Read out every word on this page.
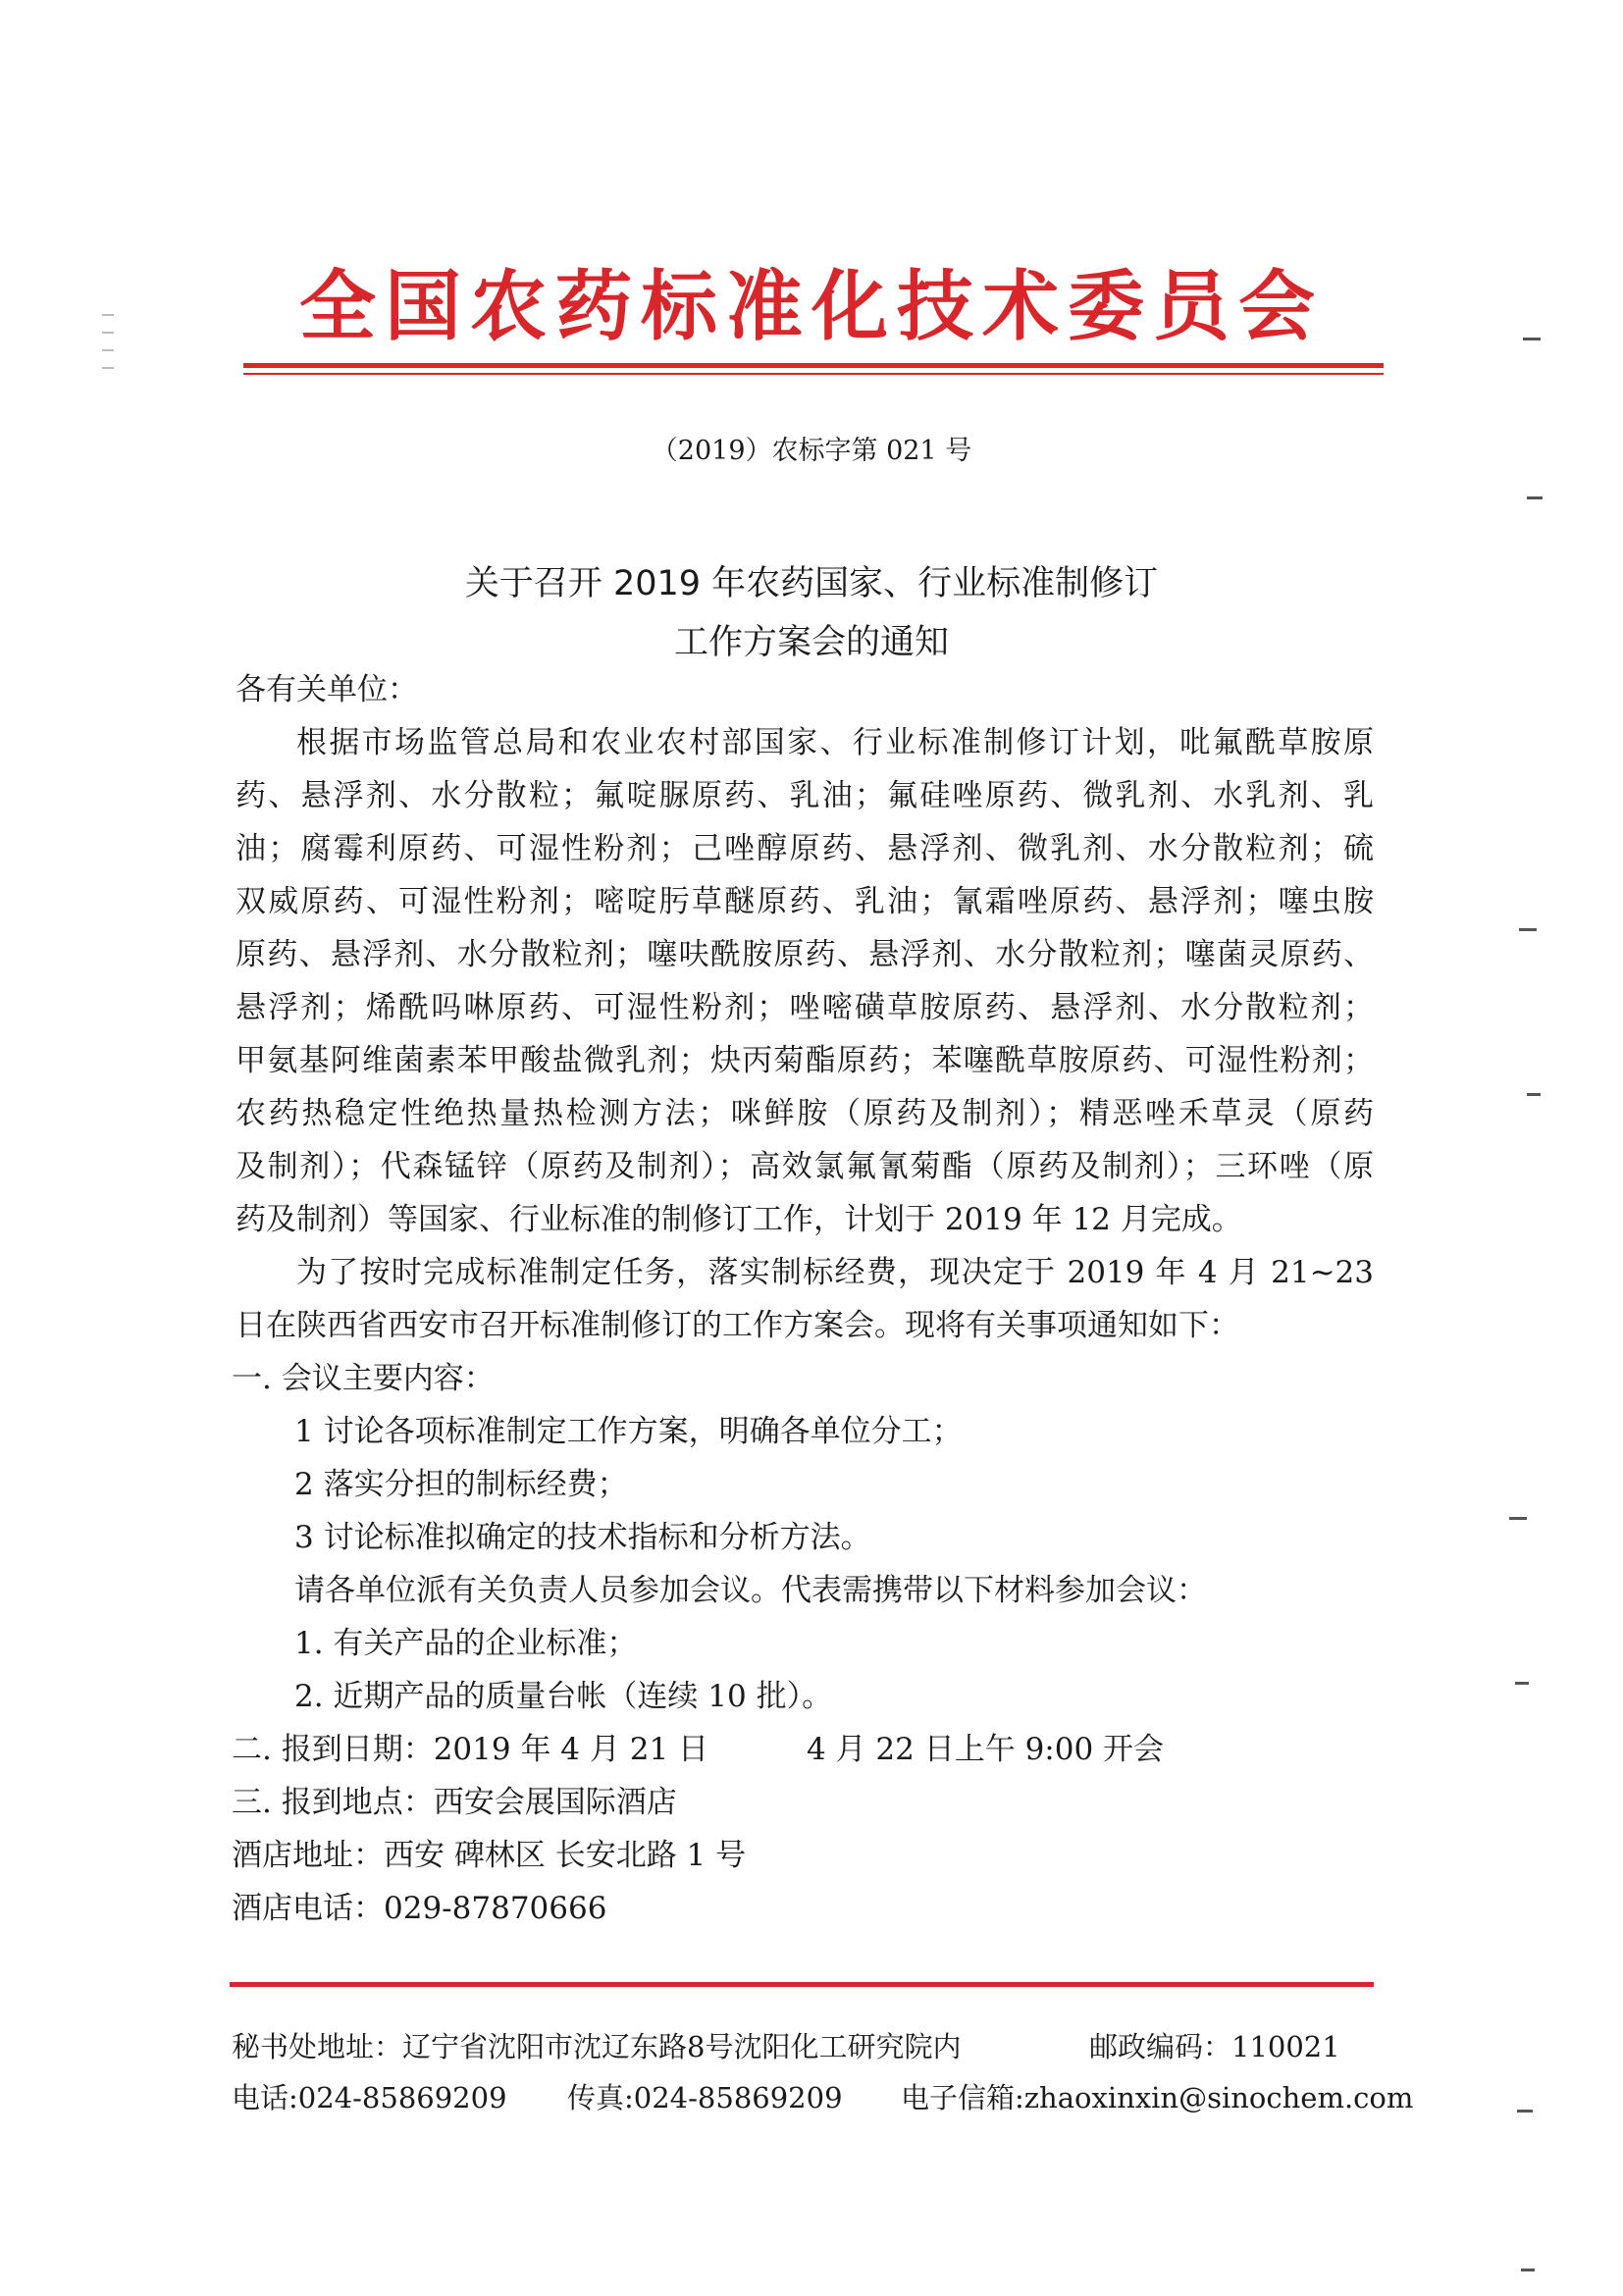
全国农药标准化技术委员会
（2019）农标字第 021 号
关于召开 2019 年农药国家、行业标准制修订
工作方案会的通知
各有关单位：
根据市场监管总局和农业农村部国家、行业标准制修订计划，吡氟酰草胺原
药、悬浮剂、水分散粒；氟啶脲原药、乳油；氟硅唑原药、微乳剂、水乳剂、乳
油；腐霉利原药、可湿性粉剂；己唑醇原药、悬浮剂、微乳剂、水分散粒剂；硫
双威原药、可湿性粉剂；嘧啶肟草醚原药、乳油；氰霜唑原药、悬浮剂；噻虫胺
原药、悬浮剂、水分散粒剂；噻呋酰胺原药、悬浮剂、水分散粒剂；噻菌灵原药、
悬浮剂；烯酰吗啉原药、可湿性粉剂；唑嘧磺草胺原药、悬浮剂、水分散粒剂；
甲氨基阿维菌素苯甲酸盐微乳剂；炔丙菊酯原药；苯噻酰草胺原药、可湿性粉剂；
农药热稳定性绝热量热检测方法；咪鲜胺（原药及制剂）；精恶唑禾草灵（原药
及制剂）；代森锰锌（原药及制剂）；高效氯氟氰菊酯（原药及制剂）；三环唑（原
药及制剂）等国家、行业标准的制修订工作，计划于 2019 年 12 月完成。
为了按时完成标准制定任务，落实制标经费，现决定于 2019 年 4 月 21~23
日在陕西省西安市召开标准制修订的工作方案会。现将有关事项通知如下：
一. 会议主要内容：
1 讨论各项标准制定工作方案，明确各单位分工；
2 落实分担的制标经费；
3 讨论标准拟确定的技术指标和分析方法。
请各单位派有关负责人员参加会议。代表需携带以下材料参加会议：
1. 有关产品的企业标准；
2. 近期产品的质量台帐（连续 10 批）。
二. 报到日期：2019 年 4 月 21 日	4 月 22 日上午 9:00 开会
三. 报到地点：西安会展国际酒店
酒店地址：西安 碑林区 长安北路 1 号
酒店电话：029-87870666
秘书处地址：辽宁省沈阳市沈辽东路8号沈阳化工研究院内	邮政编码：110021
电话:024-85869209 传真:024-85869209 电子信箱:zhaoxinxin@sinochem.com
